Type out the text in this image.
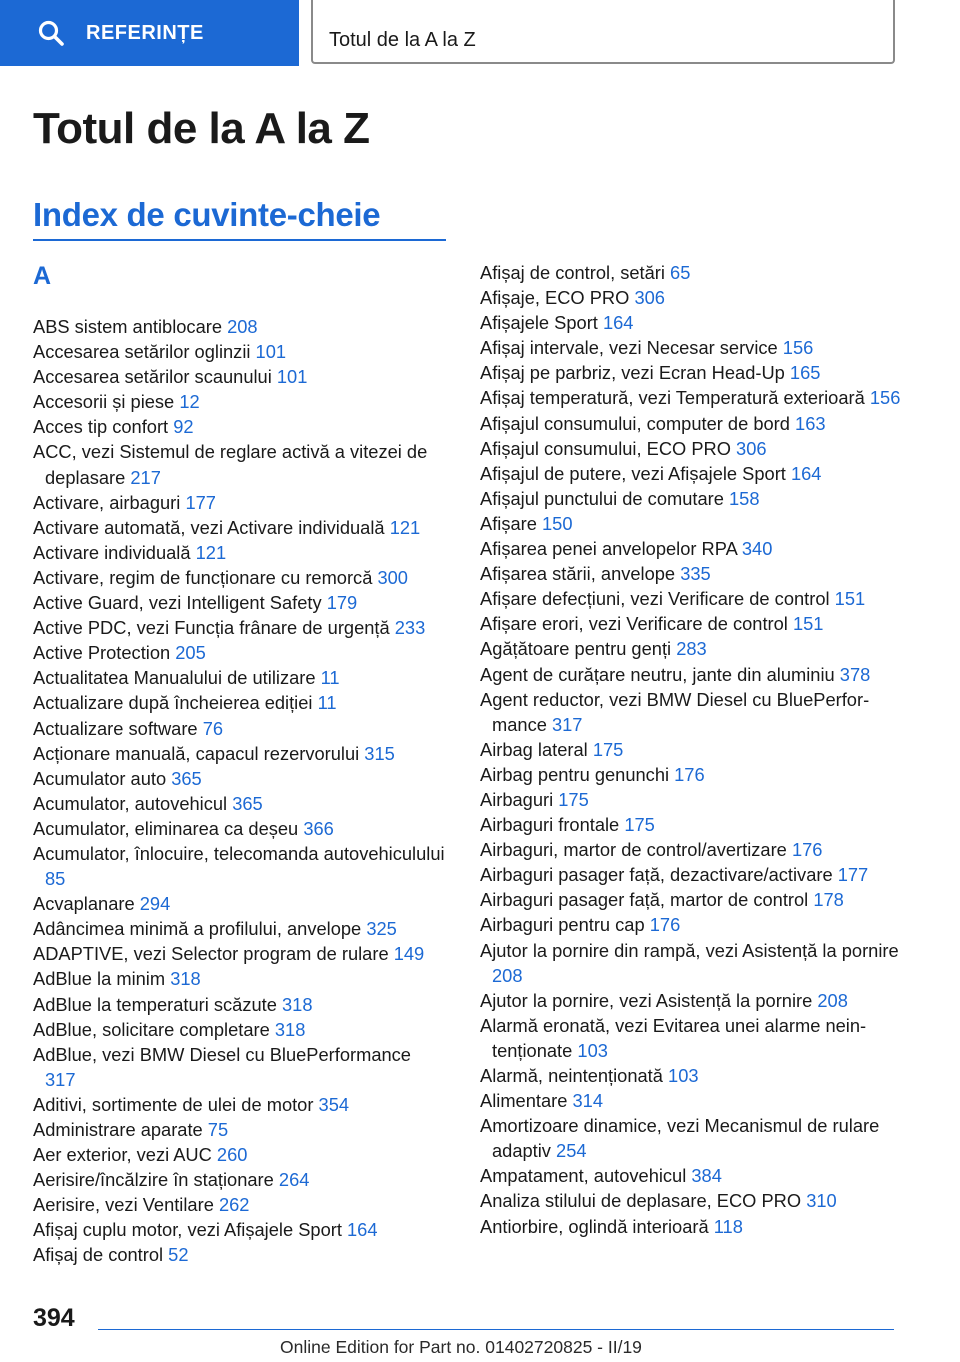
REFERINȚE	Totul de la A la Z
Totul de la A la Z
Index de cuvinte-cheie
A
ABS sistem antiblocare 208
Accesarea setărilor oglinzii 101
Accesarea setărilor scaunului 101
Accesorii și piese 12
Acces tip confort 92
ACC, vezi Sistemul de reglare activă a vitezei de deplasare 217
Activare, airbaguri 177
Activare automată, vezi Activare individuală 121
Activare individuală 121
Activare, regim de funcționare cu remorcă 300
Active Guard, vezi Intelligent Safety 179
Active PDC, vezi Funcția frânare de urgență 233
Active Protection 205
Actualitatea Manualului de utilizare 11
Actualizare după încheierea ediției 11
Actualizare software 76
Acționare manuală, capacul rezervorului 315
Acumulator auto 365
Acumulator, autovehicul 365
Acumulator, eliminarea ca deșeu 366
Acumulator, înlocuire, telecomanda autovehiculului 85
Acvaplanare 294
Adâncimea minimă a profilului, anvelope 325
ADAPTIVE, vezi Selector program de rulare 149
AdBlue la minim 318
AdBlue la temperaturi scăzute 318
AdBlue, solicitare completare 318
AdBlue, vezi BMW Diesel cu BluePerformance 317
Aditivi, sortimente de ulei de motor 354
Administrare aparate 75
Aer exterior, vezi AUC 260
Aerisire/încălzire în staționare 264
Aerisire, vezi Ventilare 262
Afișaj cuplu motor, vezi Afișajele Sport 164
Afișaj de control 52
Afișaj de control, setări 65
Afișaje, ECO PRO 306
Afișajele Sport 164
Afișaj intervale, vezi Necesar service 156
Afișaj pe parbriz, vezi Ecran Head-Up 165
Afișaj temperatură, vezi Temperatură exterioară 156
Afișajul consumului, computer de bord 163
Afișajul consumului, ECO PRO 306
Afișajul de putere, vezi Afișajele Sport 164
Afișajul punctului de comutare 158
Afișare 150
Afișarea penei anvelopelor RPA 340
Afișarea stării, anvelope 335
Afișare defecțiuni, vezi Verificare de control 151
Afișare erori, vezi Verificare de control 151
Agățătoare pentru genți 283
Agent de curățare neutru, jante din aluminiu 378
Agent reductor, vezi BMW Diesel cu BluePerformance 317
Airbag lateral 175
Airbag pentru genunchi 176
Airbaguri 175
Airbaguri frontale 175
Airbaguri, martor de control/avertizare 176
Airbaguri pasager față, dezactivare/activare 177
Airbaguri pasager față, martor de control 178
Airbaguri pentru cap 176
Ajutor la pornire din rampă, vezi Asistență la pornire 208
Ajutor la pornire, vezi Asistență la pornire 208
Alarmă eronată, vezi Evitarea unei alarme neintenționate 103
Alarmă, neintenționată 103
Alimentare 314
Amortizoare dinamice, vezi Mecanismul de rulare adaptiv 254
Ampatament, autovehicul 384
Analiza stilului de deplasare, ECO PRO 310
Antiorbire, oglindă interioară 118
394
Online Edition for Part no. 01402720825 - II/19
